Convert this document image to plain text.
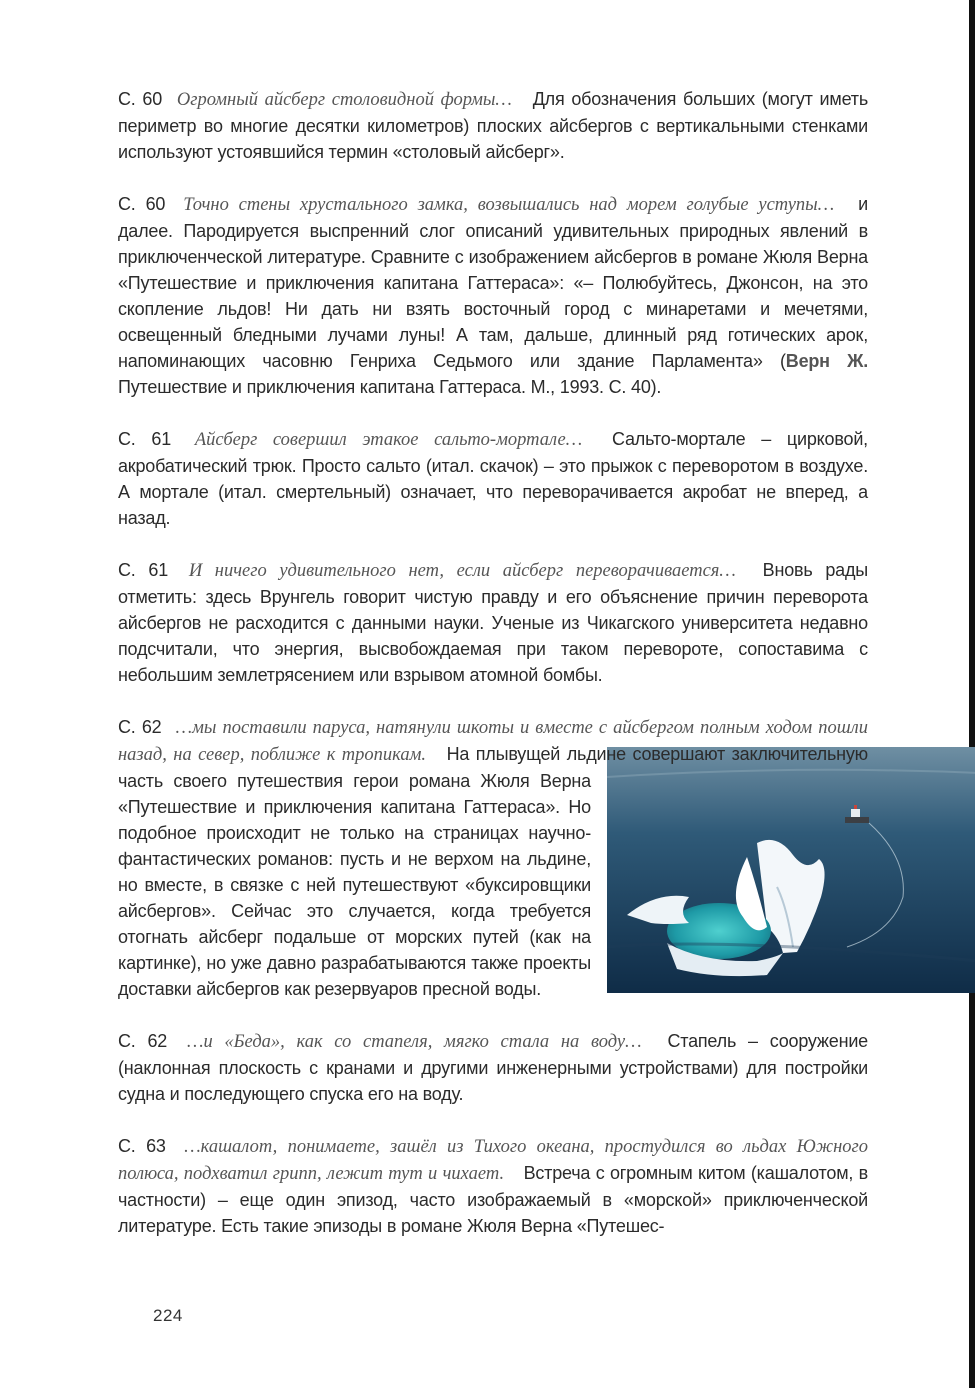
С. 60 Огромный айсберг столовидной формы… Для обозначения больших (могут иметь периметр во многие десятки километров) плоских айсбергов с вертикальными стенками используют устоявшийся термин «столовый айсберг».

С. 60 Точно стены хрустального замка, возвышались над морем голубые уступы… и далее. Пародируется выспренний слог описаний удивительных природных явлений в приключенческой литературе. Сравните с изображением айсбергов в романе Жюля Верна «Путешествие и приключения капитана Гаттераса»: «– Полюбуйтесь, Джонсон, на это скопление льдов! Ни дать ни взять восточный город с минаретами и мечетями, освещенный бледными лучами луны! А там, дальше, длинный ряд готических арок, напоминающих часовню Генриха Седьмого или здание Парламента» (Верн Ж. Путешествие и приключения капитана Гаттераса. М., 1993. С. 40).

С. 61 Айсберг совершил этакое сальто-мортале… Сальто-мортале – цирковой, акробатический трюк. Просто сальто (итал. скачок) – это прыжок с переворотом в воздухе. А мортале (итал. смертельный) означает, что переворачивается акробат не вперед, а назад.

С. 61 И ничего удивительного нет, если айсберг переворачивается… Вновь рады отметить: здесь Врунгель говорит чистую правду и его объяснение причин переворота айсбергов не расходится с данными науки. Ученые из Чикагского университета недавно подсчитали, что энергия, высвобождаемая при таком перевороте, сопоставима с небольшим землетрясением или взрывом атомной бомбы.

С. 62 …мы поставили паруса, натянули шкоты и вместе с айсбергом полным ходом пошли назад, на север, поближе к тропикам. На плывущей льдине совершают заключительную часть своего путешествия герои романа Жюля Верна «Путешествие и приключения капитана Гаттераса». Но подобное происходит не только на страницах научно-фантастических романов: пусть и не верхом на льдине, но вместе, в связке с ней путешествуют «буксировщики айсбергов». Сейчас это случается, когда требуется отогнать айсберг подальше от морских путей (как на картинке), но уже давно разрабатываются также проекты доставки айсбергов как резервуаров пресной воды.

С. 62 …и «Беда», как со стапеля, мягко стала на воду… Стапель – сооружение (наклонная плоскость с кранами и другими инженерными устройствами) для постройки судна и последующего спуска его на воду.

С. 63 …кашалот, понимаете, зашёл из Тихого океана, простудился во льдах Южного полюса, подхватил грипп, лежит тут и чихает. Встреча с огромным китом (кашалотом, в частности) – еще один эпизод, часто изображаемый в «морской» приключенческой литературе. Есть такие эпизоды в романе Жюля Верна «Путешес-

224
